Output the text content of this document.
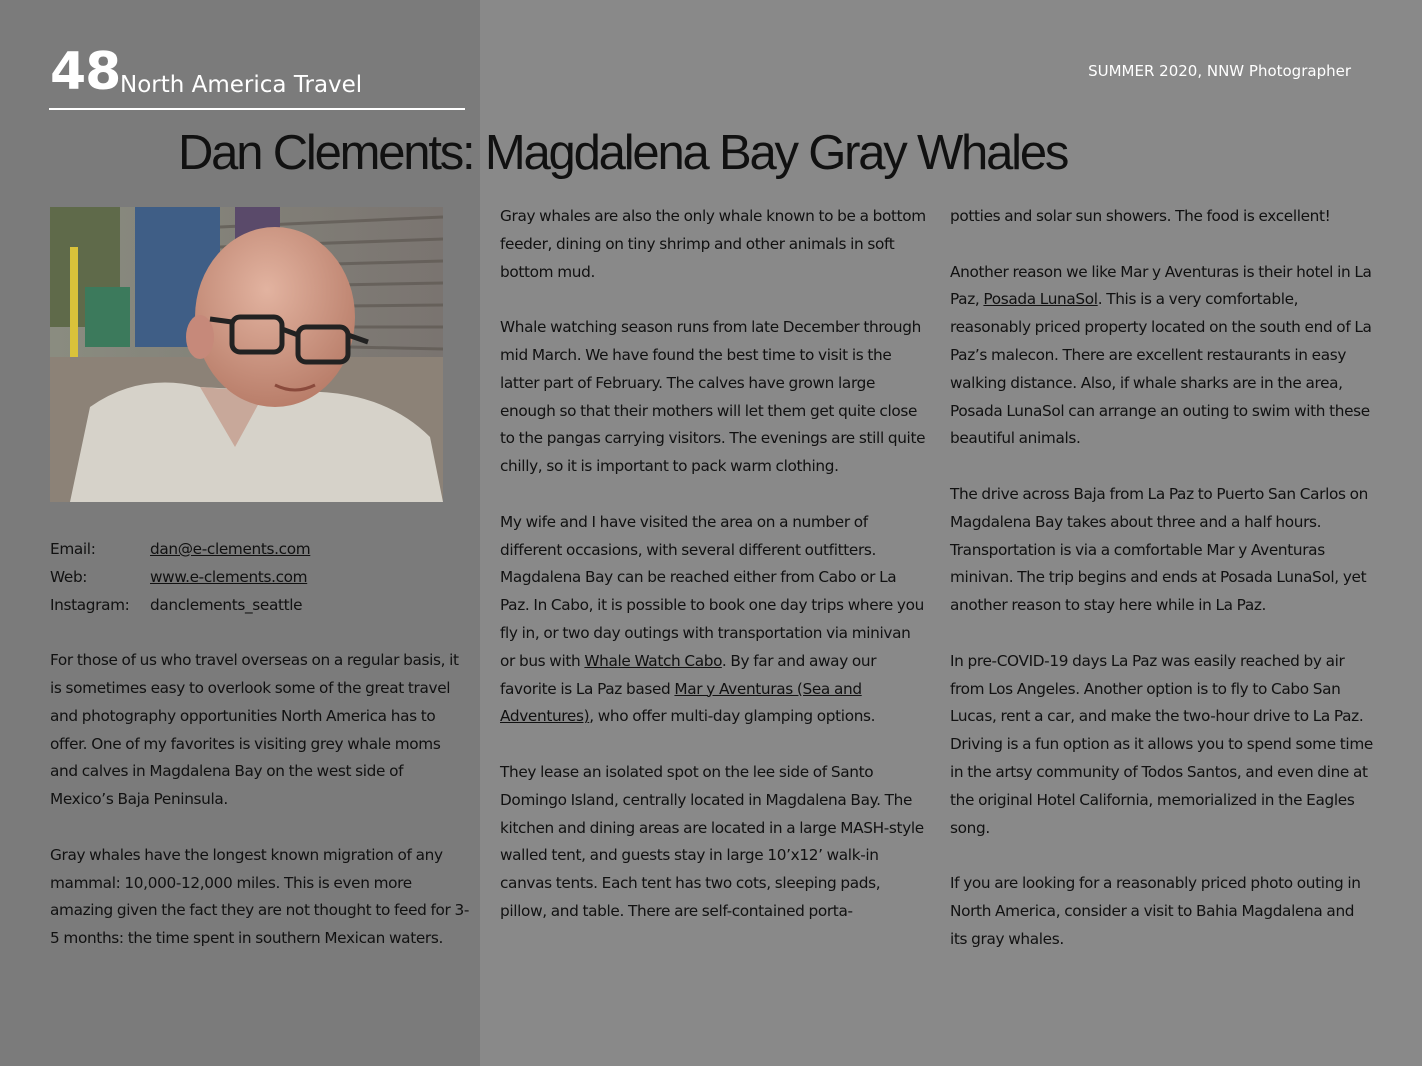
48 North America Travel
SUMMER 2020, NNW Photographer
Dan Clements: Magdalena Bay Gray Whales
Email:	dan@e-clements.com
Web:	www.e-clements.com
Instagram:	danclements_seattle

For those of us who travel overseas on a regular basis, it is sometimes easy to overlook some of the great travel and photography opportunities North America has to offer. One of my favorites is visiting grey whale moms and calves in Magdalena Bay on the west side of Mexico’s Baja Peninsula.

Gray whales have the longest known migration of any mammal: 10,000-12,000 miles. This is even more amazing given the fact they are not thought to feed for 3-5 months: the time spent in southern Mexican waters.

Gray whales are also the only whale known to be a bottom feeder, dining on tiny shrimp and other animals in soft bottom mud.

Whale watching season runs from late December through mid March. We have found the best time to visit is the latter part of February. The calves have grown large enough so that their mothers will let them get quite close to the pangas carrying visitors. The evenings are still quite chilly, so it is important to pack warm clothing.

My wife and I have visited the area on a number of different occasions, with several different outfitters. Magdalena Bay can be reached either from Cabo or La Paz. In Cabo, it is possible to book one day trips where you fly in, or two day outings with transportation via minivan or bus with Whale Watch Cabo. By far and away our favorite is La Paz based Mar y Aventuras (Sea and Adventures), who offer multi-day glamping options.

They lease an isolated spot on the lee side of Santo Domingo Island, centrally located in Magdalena Bay. The kitchen and dining areas are located in a large MASH-style walled tent, and guests stay in large 10’x12’ walk-in canvas tents. Each tent has two cots, sleeping pads, pillow, and table. There are self-contained porta-

potties and solar sun showers. The food is excellent!

Another reason we like Mar y Aventuras is their hotel in La Paz, Posada LunaSol. This is a very comfortable, reasonably priced property located on the south end of La Paz’s malecon. There are excellent restaurants in easy walking distance. Also, if whale sharks are in the area, Posada LunaSol can arrange an outing to swim with these beautiful animals.

The drive across Baja from La Paz to Puerto San Carlos on Magdalena Bay takes about three and a half hours. Transportation is via a comfortable Mar y Aventuras minivan. The trip begins and ends at Posada LunaSol, yet another reason to stay here while in La Paz.

In pre-COVID-19 days La Paz was easily reached by air from Los Angeles. Another option is to fly to Cabo San Lucas, rent a car, and make the two-hour drive to La Paz. Driving is a fun option as it allows you to spend some time in the artsy community of Todos Santos, and even dine at the original Hotel California, memorialized in the Eagles song.

If you are looking for a reasonably priced photo outing in North America, consider a visit to Bahia Magdalena and its gray whales.
